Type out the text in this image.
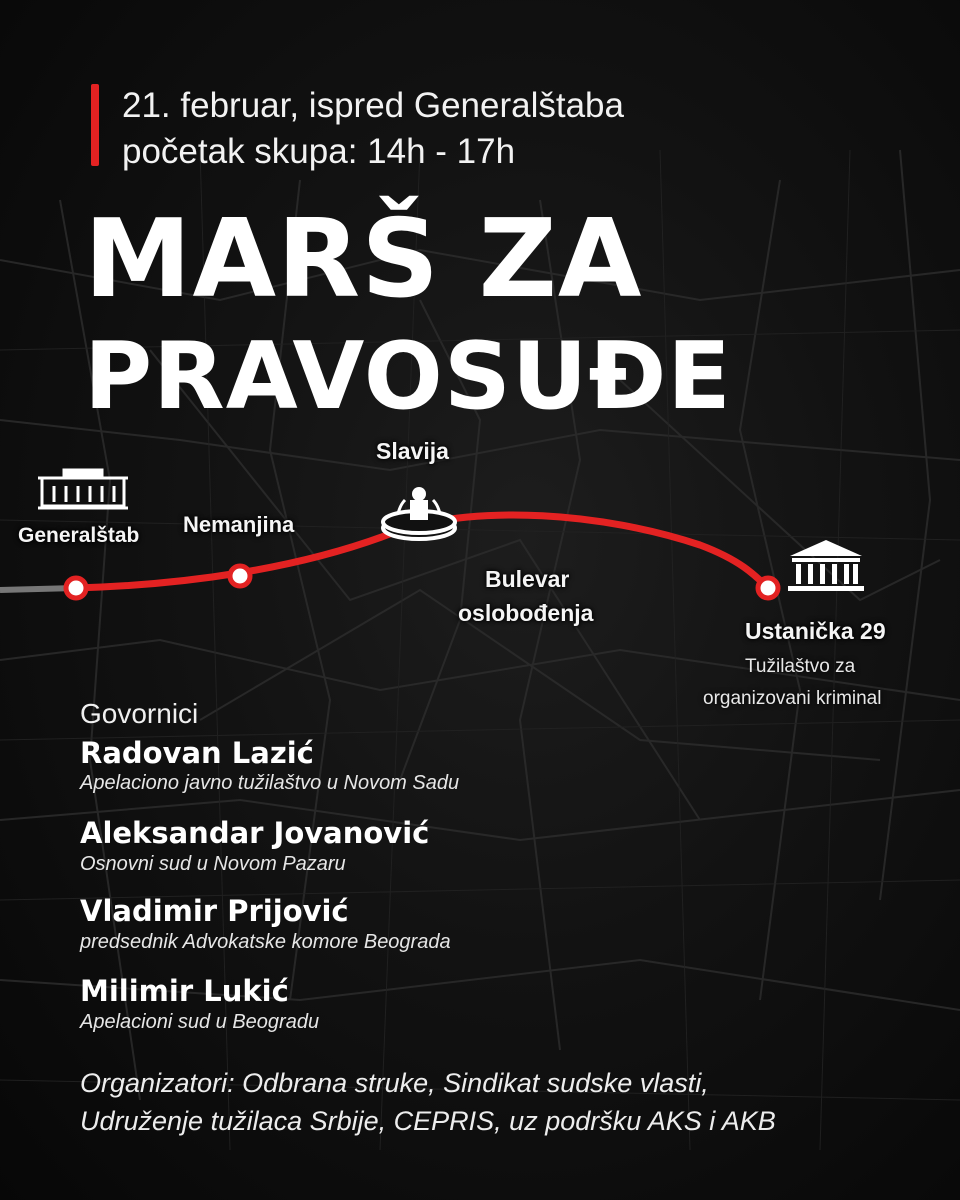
21. februar, ispred Generalštaba
početak skupa: 14h - 17h
MARŠ ZA
PRAVOSUĐE
Generalštab Nemanjina
Slavija
Bulevar
oslobođenja
Ustanička 29
Tužilaštvo za
organizovani kriminal
Govornici
Radovan Lazić
Apelaciono javno tužilaštvo u Novom Sadu
Aleksandar Jovanović
Osnovni sud u Novom Pazaru
Vladimir Prijović
predsednik Advokatske komore Beograda
Milimir Lukić
Apelacioni sud u Beogradu
Organizatori: Odbrana struke, Sindikat sudske vlasti,
Udruženje tužilaca Srbije, CEPRIS, uz podršku AKS i AKB
